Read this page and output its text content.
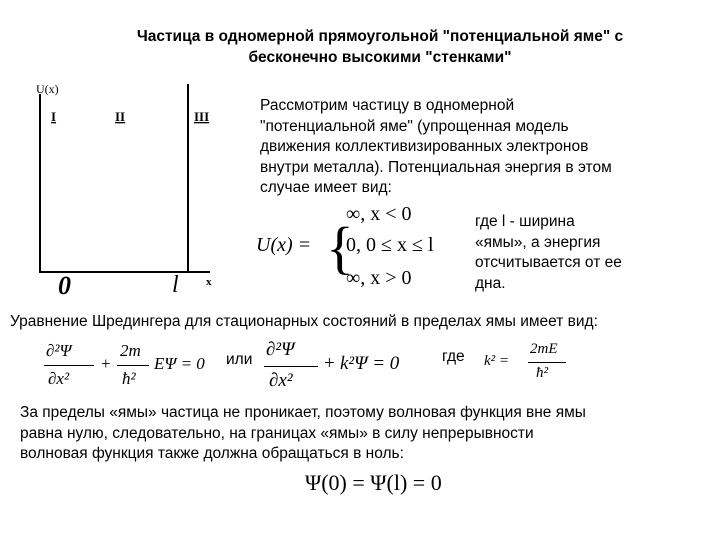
Частица в одномерной прямоугольной "потенциальной яме" с
бесконечно высокими "стенками"
U(x)
I	II	III
0	l x
Рассмотрим частицу в одномерной
"потенциальной яме" (упрощенная модель
движения коллективизированных электронов
внутри металла). Потенциальная энергия в этом
случае имеет вид:
U(x) = {
∞, x < 0
0, 0 ≤ x ≤ l
∞, x > 0
где l - ширина
«ямы», а энергия
отсчитывается от ее
дна.
Уравнение Шредингера для стационарных состояний в пределах ямы имеет вид:
∂²Ψ
∂x²
+
2m
ħ²
EΨ = 0 или ∂²Ψ
∂x²
+ k²Ψ = 0	где k² =
2mE
ħ²
За пределы «ямы» частица не проникает, поэтому волновая функция вне ямы
равна нулю, следовательно, на границах «ямы» в силу непрерывности
волновая функция также должна обращаться в ноль:
Ψ(0) = Ψ(l) = 0
